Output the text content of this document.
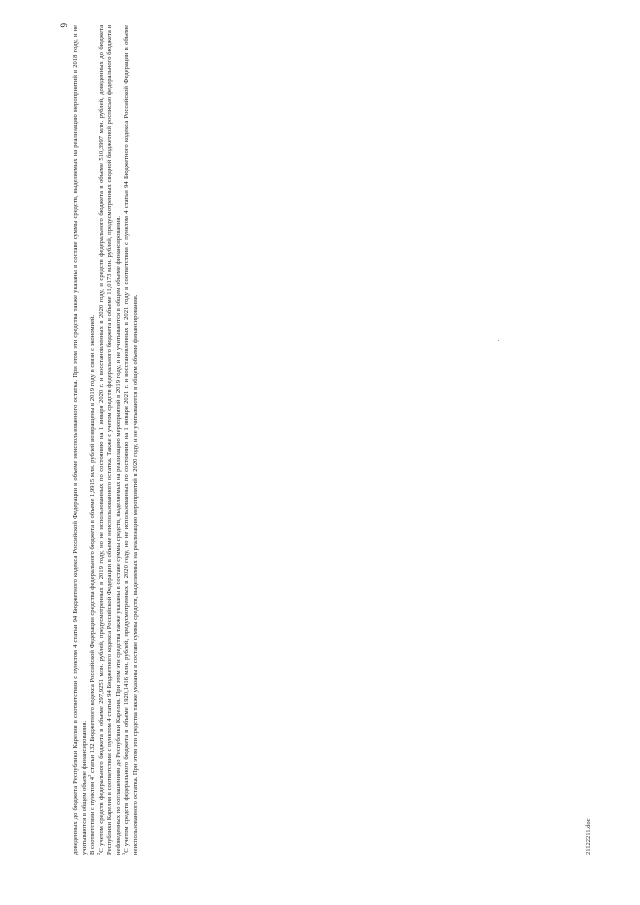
9 доведенных до бюджета Республики Карелия в соответствии с пунктом 4 статьи 94 Бюджетного кодекса Российской Федерации в объеме неиспользованного остатка. При этом эти средства также указаны в составе суммы средств, выделяемых на реализацию мероприятий в 2018 году, и не учитываются в общем объеме финансирования. В соответствии с пунктом $4^2$ статьи 132 Бюджетного кодекса Российской Федерации средства федерального бюджета в объеме 1,9915 млн. рублей возвращены в 2019 году в связи с экономией.

$^2$С учетом средств федерального бюджета в объеме 297,9251 млн. рублей, предусмотренных в 2019 году, но не использованных по состоянию на 1 января 2020 г. и восстановленных в 2020 году, и средств федерального бюджета в объеме 510,3997 млн. рублей, доведенных до бюджета Республики Карелия в соответствии с пунктом 4 статьи 94 Бюджетного кодекса Российской Федерации в объеме неиспользованного остатка. Также с учетом средств федерального бюджета в объеме 11,0173 млн. рублей, предусмотренных сводной бюджетной росписью федерального бюджета и неdoведенных по соглашениям до Республики Карелия. При этом эти средства также указаны в составе суммы средств, выделяемых на реализацию мероприятий в 2019 году, и не учитываются в общем объеме финансирования. $^3$С учетом средств федерального бюджета в объеме 1920,1416 млн. рублей, предусмотренных в 2020 году, но не использованных по состоянию на 1 января 2021 г. и восстановленных в 2021 году в соответствии с пунктом 4 статьи 94 Бюджетного кодекса Российской Федерации в объеме неиспользованного остатка. При этом эти средства также указаны в составе суммы средств, выделяемых на реализацию мероприятий в 2020 году, и не учитываются в общем объеме финансирования.	21122211.doc
